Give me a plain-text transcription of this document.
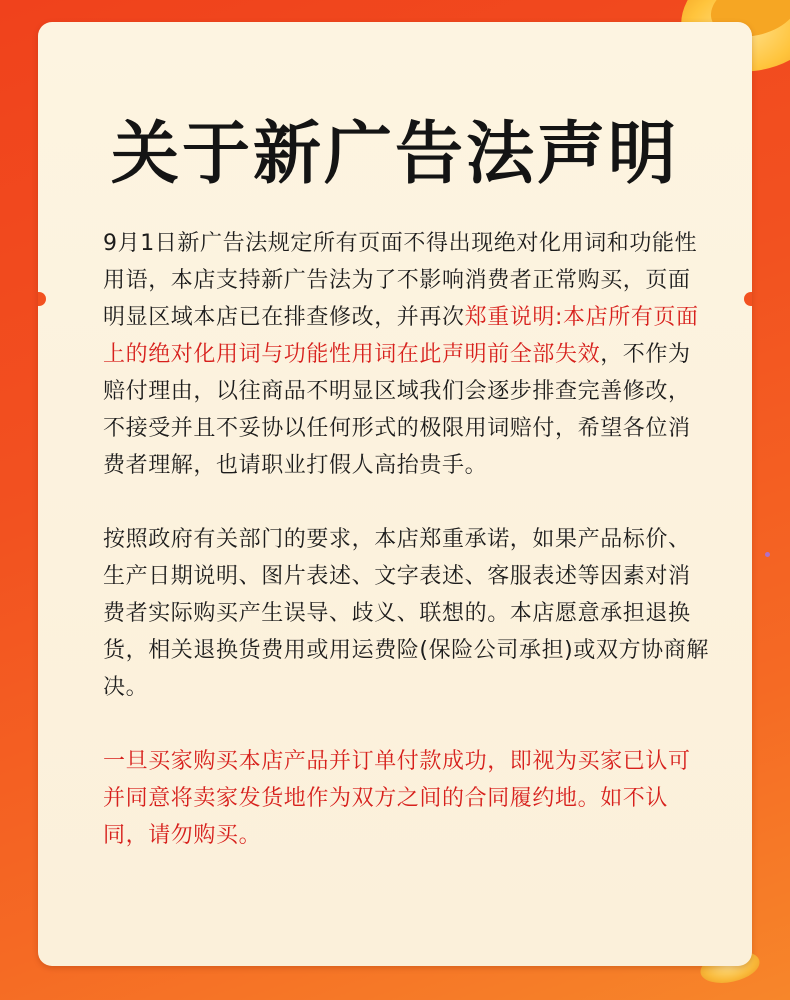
关于新广告法声明

9月1日新广告法规定所有页面不得出现绝对化用词和功能性用语，本店支持新广告法为了不影响消费者正常购买，页面明显区域本店已在排查修改，并再次郑重说明:本店所有页面上的绝对化用词与功能性用词在此声明前全部失效，不作为赔付理由，以往商品不明显区域我们会逐步排查完善修改，不接受并且不妥协以任何形式的极限用词赔付，希望各位消费者理解，也请职业打假人高抬贵手。

按照政府有关部门的要求，本店郑重承诺，如果产品标价、生产日期说明、图片表述、文字表述、客服表述等因素对消费者实际购买产生误导、歧义、联想的。本店愿意承担退换货，相关退换货费用或用运费险(保险公司承担)或双方协商解决。

一旦买家购买本店产品并订单付款成功，即视为买家已认可并同意将卖家发货地作为双方之间的合同履约地。如不认同，请勿购买。
